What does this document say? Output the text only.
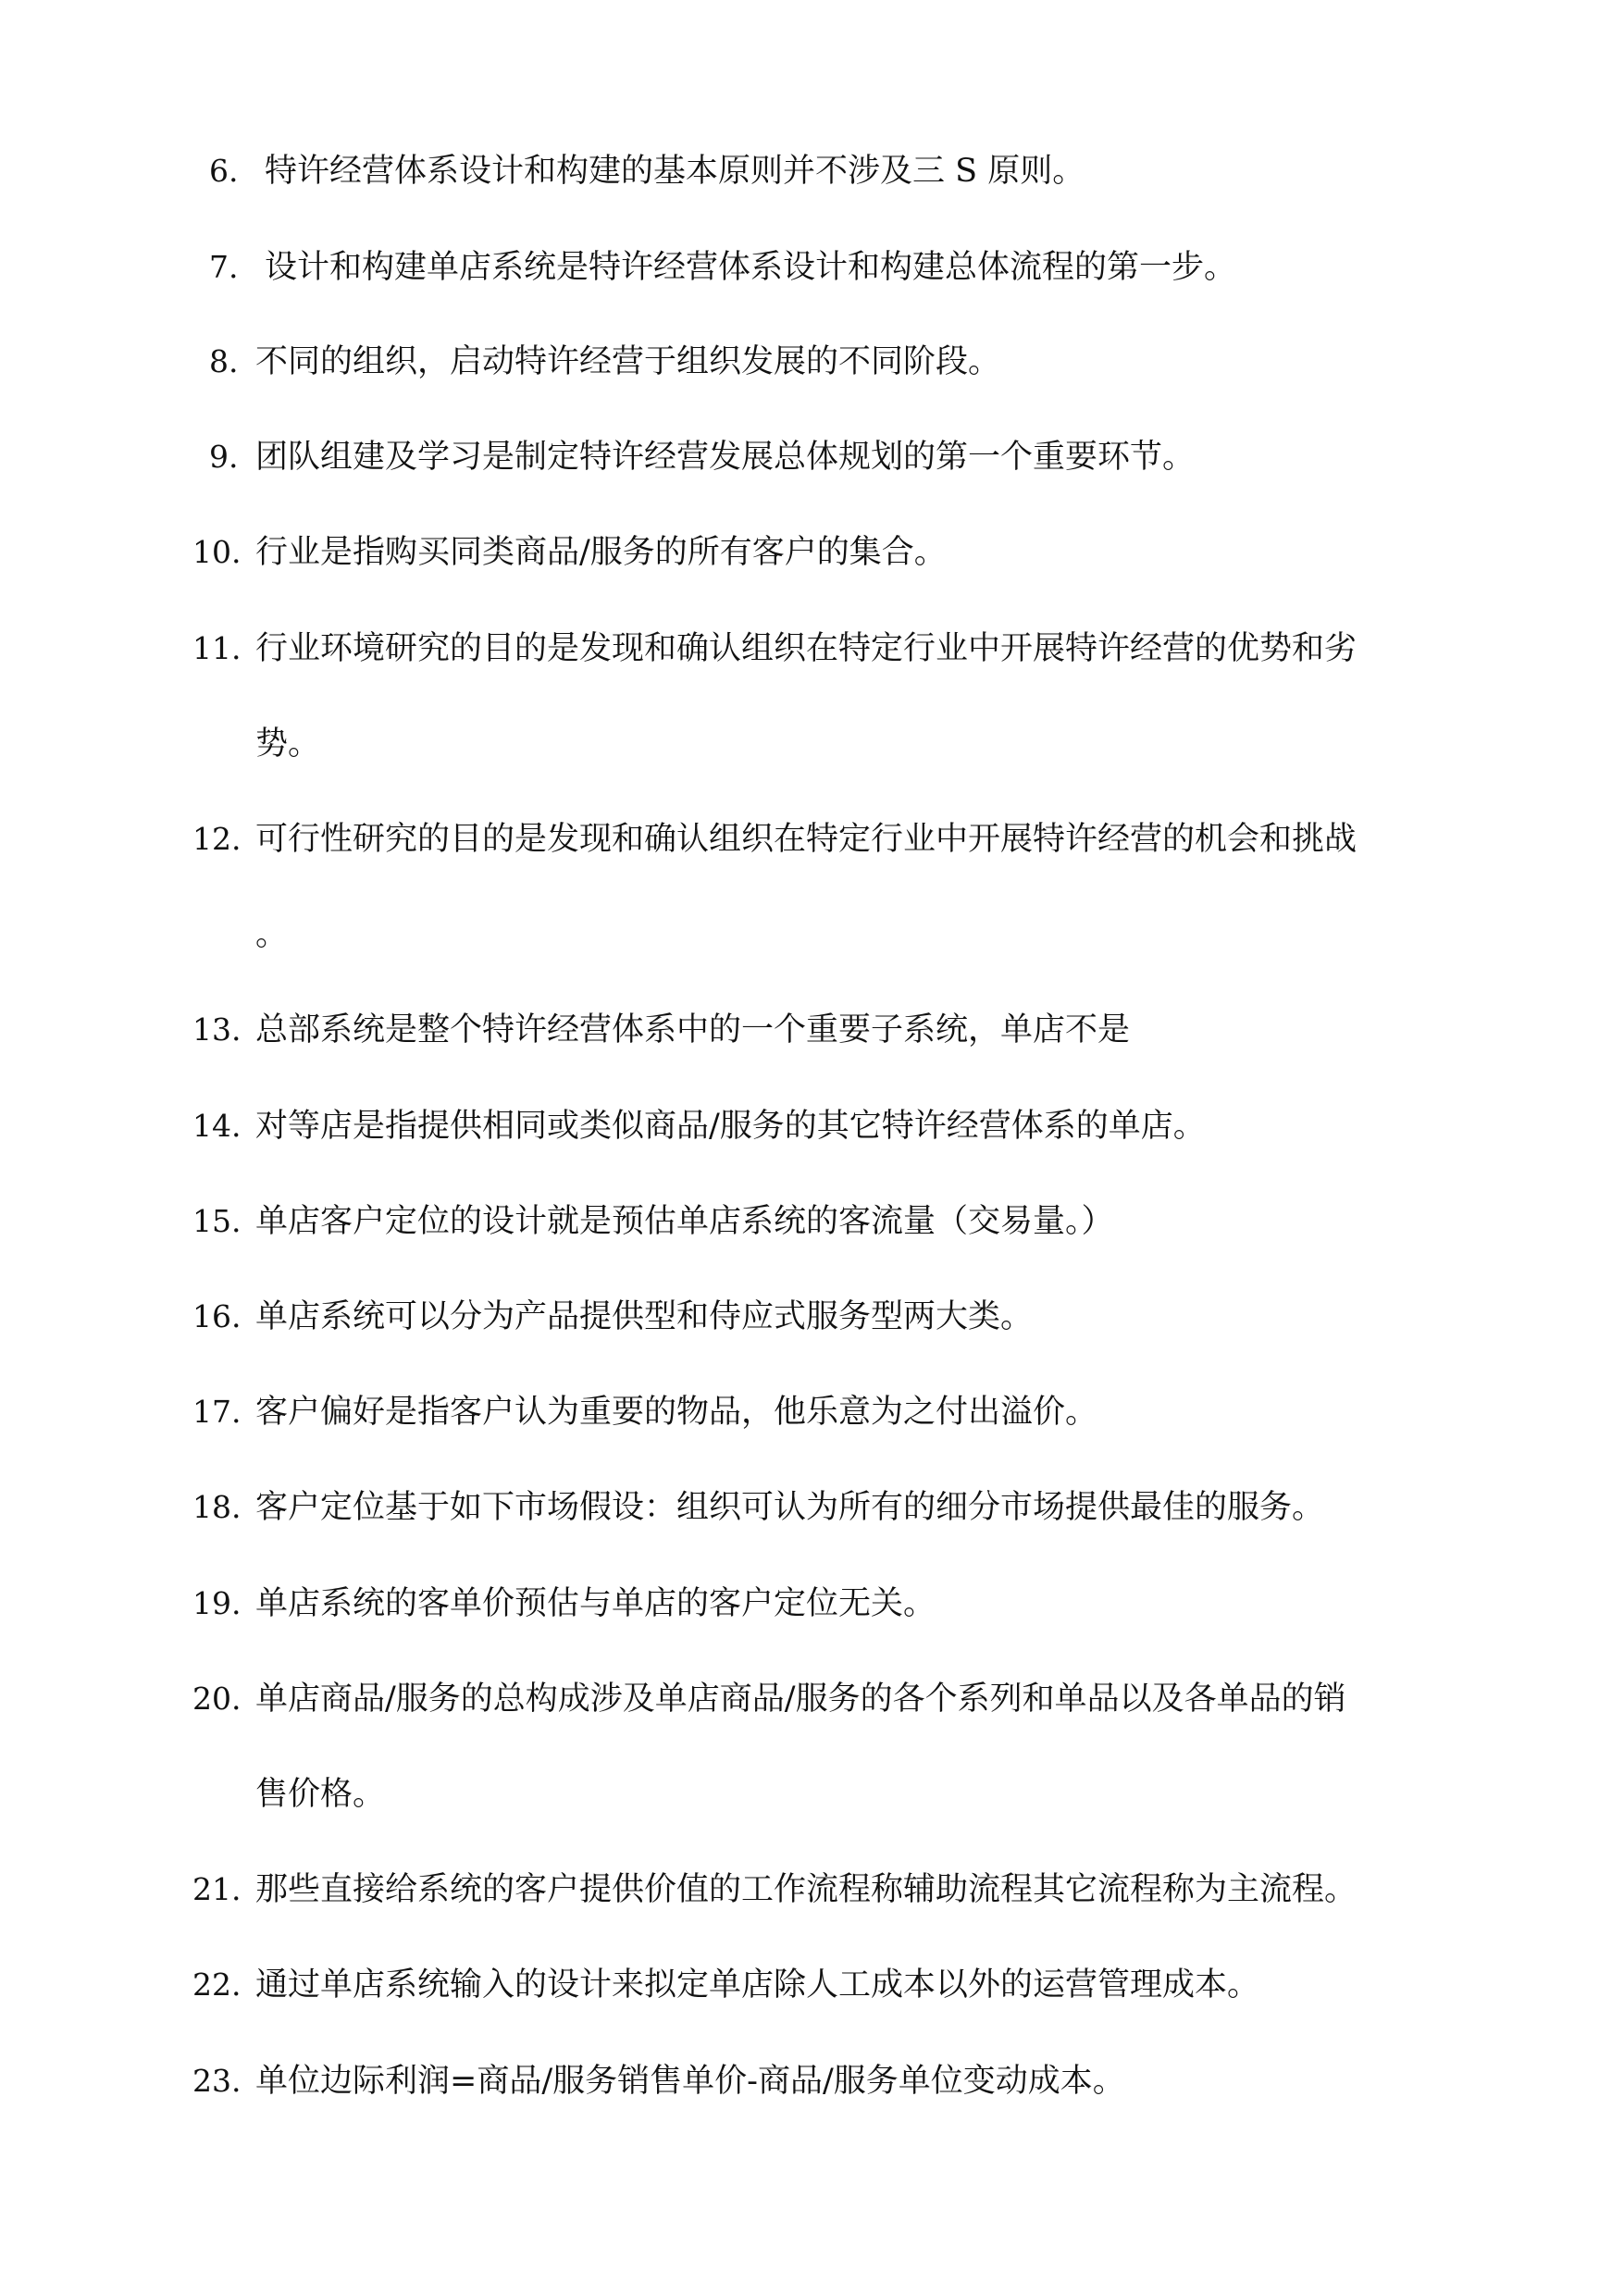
6. 特许经营体系设计和构建的基本原则并不涉及三 S 原则。
7. 设计和构建单店系统是特许经营体系设计和构建总体流程的第一步。
8. 不同的组织，启动特许经营于组织发展的不同阶段。
9. 团队组建及学习是制定特许经营发展总体规划的第一个重要环节。
10. 行业是指购买同类商品/服务的所有客户的集合。
11. 行业环境研究的目的是发现和确认组织在特定行业中开展特许经营的优势和劣
势。
12. 可行性研究的目的是发现和确认组织在特定行业中开展特许经营的机会和挑战
。
13. 总部系统是整个特许经营体系中的一个重要子系统，单店不是
14. 对等店是指提供相同或类似商品/服务的其它特许经营体系的单店。
15. 单店客户定位的设计就是预估单店系统的客流量（交易量。）
16. 单店系统可以分为产品提供型和侍应式服务型两大类。
17. 客户偏好是指客户认为重要的物品，他乐意为之付出溢价。
18. 客户定位基于如下市场假设：组织可认为所有的细分市场提供最佳的服务。
19. 单店系统的客单价预估与单店的客户定位无关。
20. 单店商品/服务的总构成涉及单店商品/服务的各个系列和单品以及各单品的销
售价格。
21. 那些直接给系统的客户提供价值的工作流程称辅助流程其它流程称为主流程。
22. 通过单店系统输入的设计来拟定单店除人工成本以外的运营管理成本。
23. 单位边际利润=商品/服务销售单价-商品/服务单位变动成本。
